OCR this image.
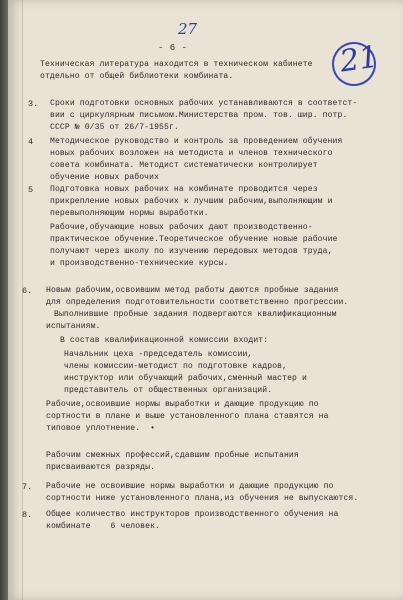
27
21
- 6 -
Техническая литература находится в техническом кабинете
отдельно от общей библиотеки комбината.
Сроки подготовки основных рабочих устанавливаются в соответст-
вии с циркулярным письмом.Министерства пром. тов. шир. потр.
СССР № 0/35 от 26/7-1955г.
Методическое руководство и контроль за проведением обучения
новых рабочих возложен на методиста и членов технического
совета комбината. Методист систематически контролирует
обучение новых рабочих
Подготовка новых рабочих на комбинате проводится через
прикрепление новых рабочих к лучшим рабочим,выполняющим и
перевыполняющим нормы выработки.
Рабочие,обучающие новых рабочих дают производственно-
практическое обучение.Теоретическое обучение новые рабочие
получают через школу по изучению передовых методов труда,
и производственно-технические курсы.
Новым рабочим,освоившим метод работы даются пробные задания
для определения подготовительности соответственно прогрессии.
Выполнившие пробные задания подвергаются квалификационным
испытаниям.
В состав квалификационной комиссии входит:
Начальник цеха -председатель комиссии,
члены комиссии-методист по подготовке кадров,
инструктор или обучающий рабочих,сменный мастер и
представитель от общественных организаций.
Рабочие,освоившие нормы выработки и дающие продукцию по
сортности в плане и выше установленного плана ставятся на
типовое уплотнение.  •
Рабочим смежных профессий,сдавшим пробные испытания
присваиваются разряды.
Рабочие не освоившие нормы выработки и дающие продукцию по
сортности ниже установленного плана,из обучения не выпускаются.
Общее количество инструкторов производственного обучения на
комбинате    6 человек.
3.
4
5
6.
7.
8.
